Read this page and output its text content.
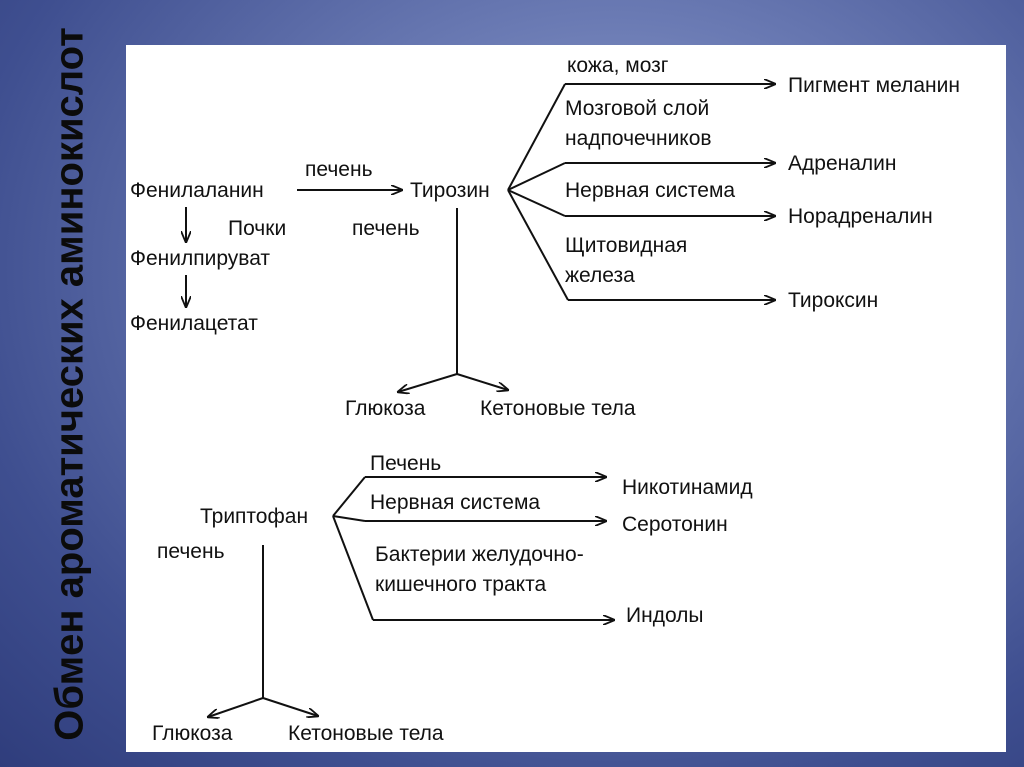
Обмен ароматических аминокислот Фенилаланин
печень
Тирозин
Почки	печень
Фенилпируват
Фенилацетат
кожа, мозг
Пигмент меланин
Мозговой слой
надпочечников
Адреналин
Нервная система
Норадреналин
Щитовидная
железа
Тироксин
Глюкоза	Кетоновые тела
Триптофан
Печень
Никотинамид
Нервная система
Серотонин
Бактерии желудочно-
кишечного тракта
Индолы
печень
Глюкоза	Кетоновые тела
